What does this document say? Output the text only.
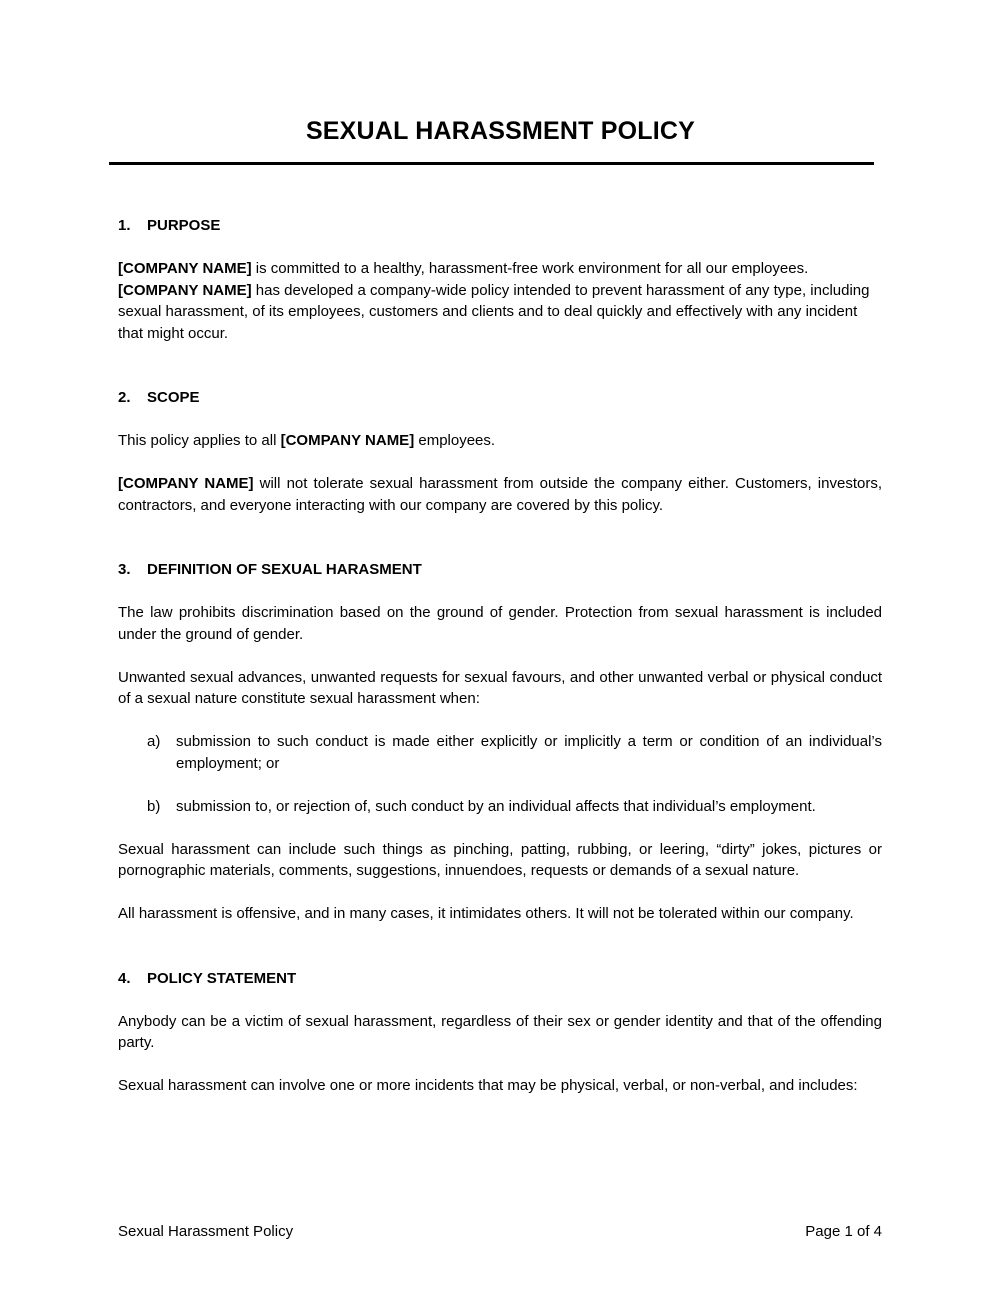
SEXUAL HARASSMENT POLICY
1. PURPOSE

[COMPANY NAME] is committed to a healthy, harassment-free work environment for all our employees. [COMPANY NAME] has developed a company-wide policy intended to prevent harassment of any type, including sexual harassment, of its employees, customers and clients and to deal quickly and effectively with any incident that might occur.

2. SCOPE

This policy applies to all [COMPANY NAME] employees.

[COMPANY NAME] will not tolerate sexual harassment from outside the company either. Customers, investors, contractors, and everyone interacting with our company are covered by this policy.

3. DEFINITION OF SEXUAL HARASMENT

The law prohibits discrimination based on the ground of gender. Protection from sexual harassment is included under the ground of gender.

Unwanted sexual advances, unwanted requests for sexual favours, and other unwanted verbal or physical conduct of a sexual nature constitute sexual harassment when:

a) submission to such conduct is made either explicitly or implicitly a term or condition of an individual’s employment; or
b) submission to, or rejection of, such conduct by an individual affects that individual’s employment.

Sexual harassment can include such things as pinching, patting, rubbing, or leering, “dirty” jokes, pictures or pornographic materials, comments, suggestions, innuendoes, requests or demands of a sexual nature.

All harassment is offensive, and in many cases, it intimidates others. It will not be tolerated within our company.

4. POLICY STATEMENT

Anybody can be a victim of sexual harassment, regardless of their sex or gender identity and that of the offending party.

Sexual harassment can involve one or more incidents that may be physical, verbal, or non-verbal, and includes:

Sexual Harassment Policy	Page 1 of 4
